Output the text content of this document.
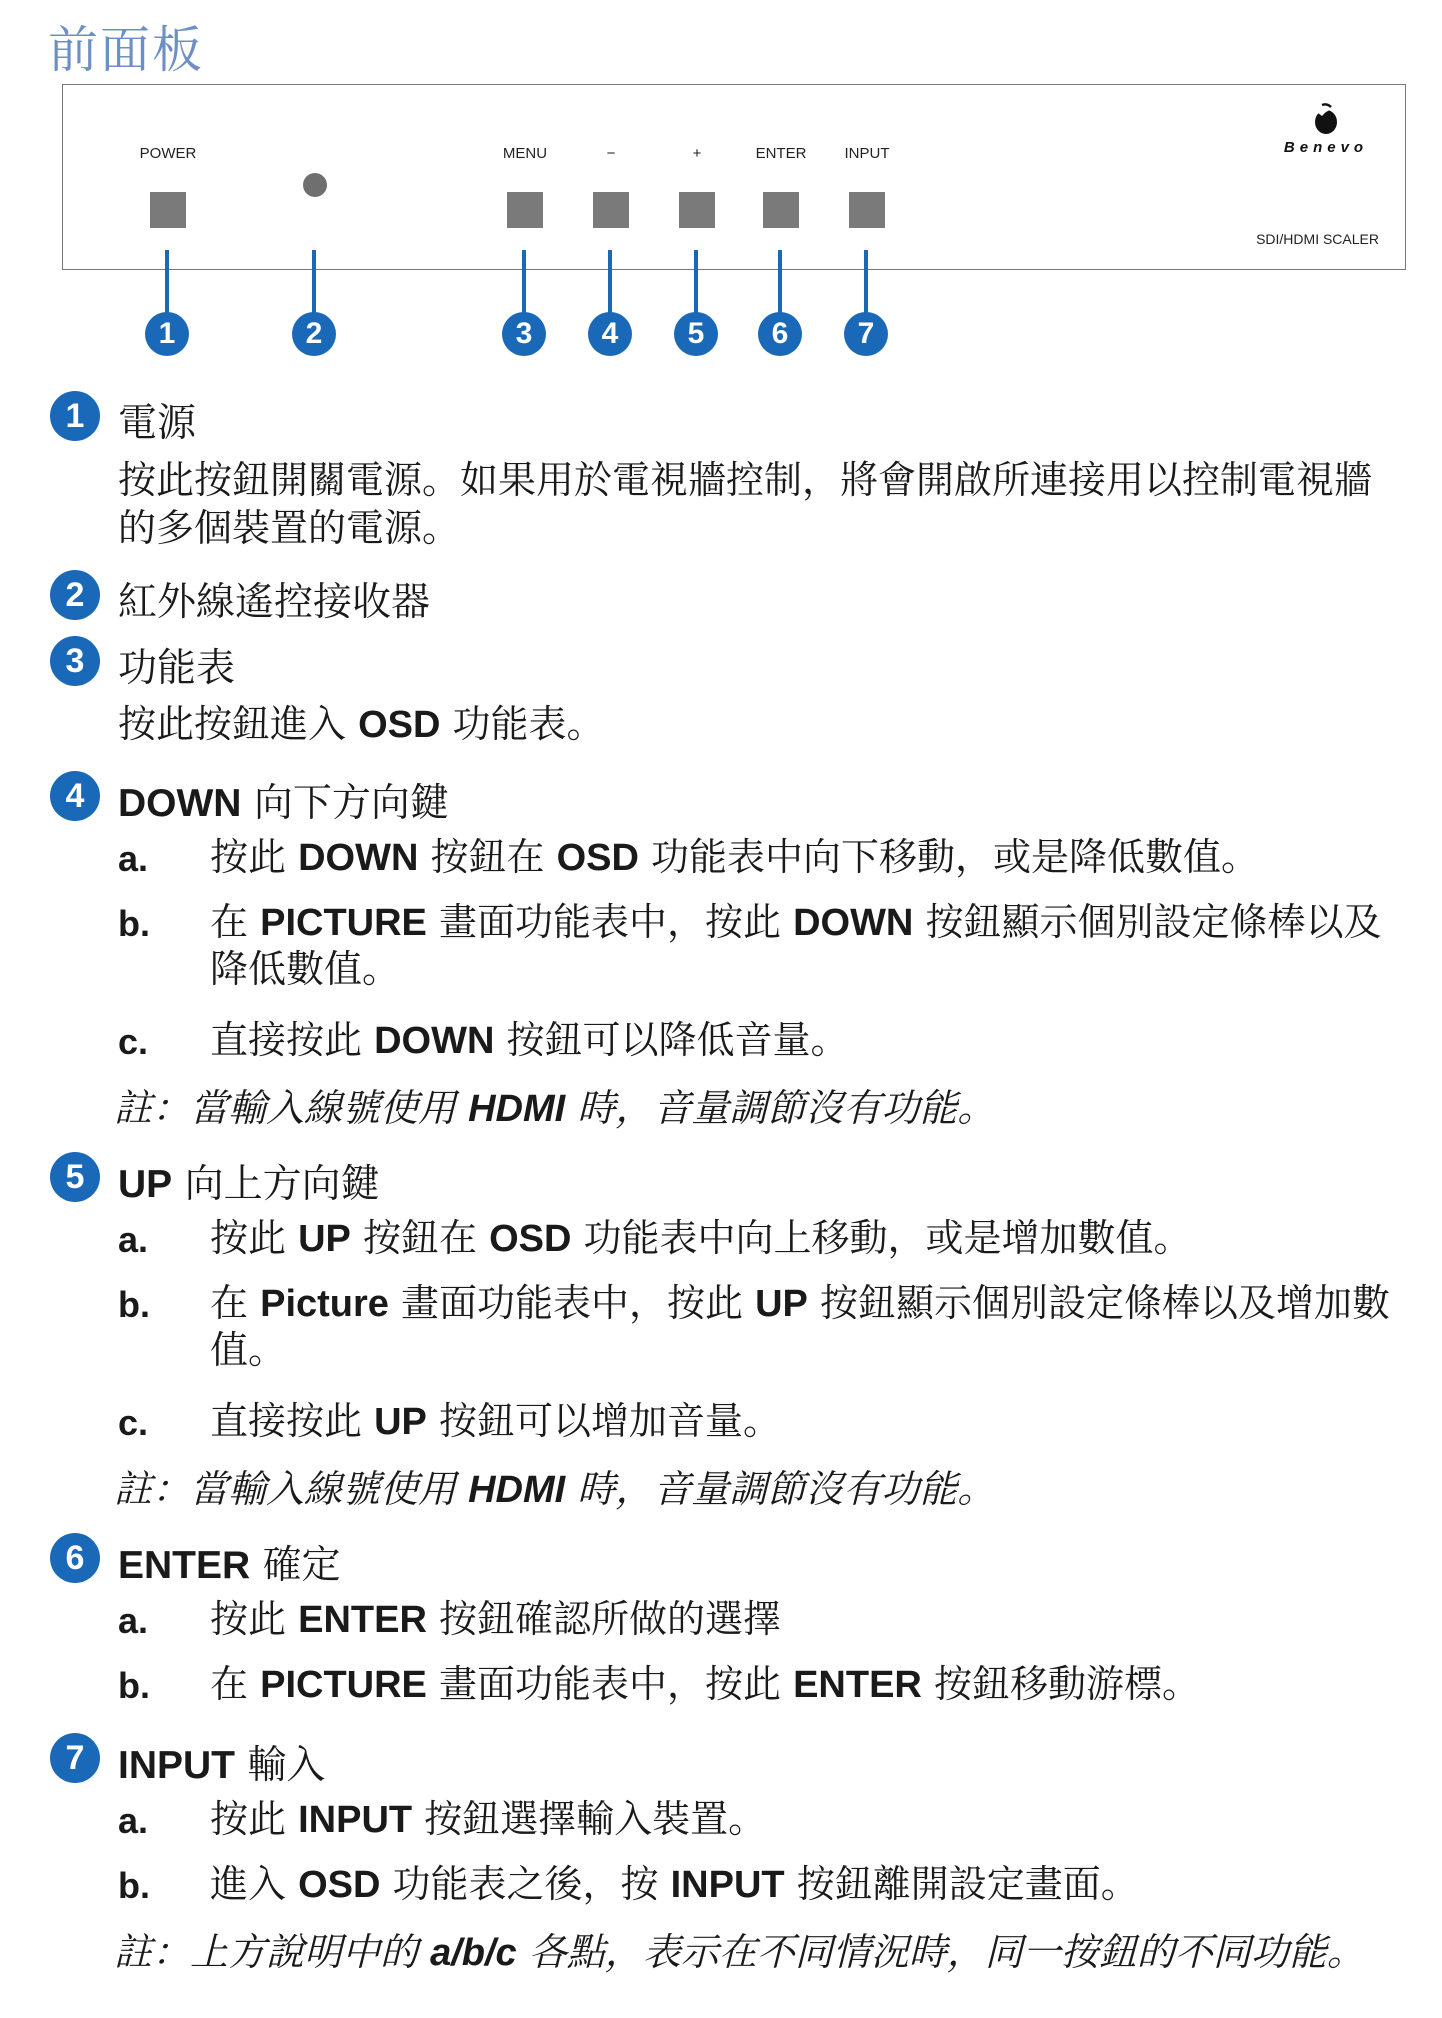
前面板
POWER	MENU	−	+	ENTER	INPUT	Benevo
SDI/HDMI SCALER
1	2	3	4	5	6	7
1 電源
按此按鈕開關電源。如果用於電視牆控制，將會開啟所連接用以控制電視牆的多個裝置的電源。
2 紅外線遙控接收器
3 功能表
按此按鈕進入 OSD 功能表。
4 DOWN 向下方向鍵
a. 按此 DOWN 按鈕在 OSD 功能表中向下移動，或是降低數值。
b. 在 PICTURE 畫面功能表中，按此 DOWN 按鈕顯示個別設定條棒以及降低數值。
c. 直接按此 DOWN 按鈕可以降低音量。
註：當輸入線號使用 HDMI 時，音量調節沒有功能。
5 UP 向上方向鍵
a. 按此 UP 按鈕在 OSD 功能表中向上移動，或是增加數值。
b. 在 Picture 畫面功能表中，按此 UP 按鈕顯示個別設定條棒以及增加數值。
c. 直接按此 UP 按鈕可以增加音量。
註：當輸入線號使用 HDMI 時，音量調節沒有功能。
6 ENTER 確定
a. 按此 ENTER 按鈕確認所做的選擇
b. 在 PICTURE 畫面功能表中，按此 ENTER 按鈕移動游標。
7 INPUT 輸入
a. 按此 INPUT 按鈕選擇輸入裝置。
b. 進入 OSD 功能表之後，按 INPUT 按鈕離開設定畫面。
註：上方說明中的 a/b/c 各點，表示在不同情況時，同一按鈕的不同功能。
